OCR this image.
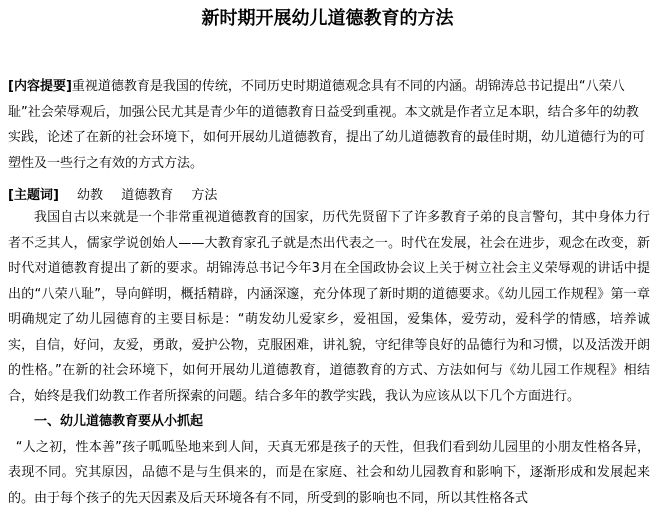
新时期开展幼儿道德教育的方法
[内容提要]重视道德教育是我国的传统，不同历史时期道德观念具有不同的内涵。胡锦涛总书记提出“八荣八耻”社会荣辱观后，加强公民尤其是青少年的道德教育日益受到重视。本文就是作者立足本职，结合多年的幼教实践，论述了在新的社会环境下，如何开展幼儿道德教育，提出了幼儿道德教育的最佳时期，幼儿道德行为的可塑性及一些行之有效的方式方法。
[主题词] 幼教 道德教育 方法

我国自古以来就是一个非常重视道德教育的国家，历代先贤留下了许多教育子弟的良言警句，其中身体力行者不乏其人，儒家学说创始人——大教育家孔子就是杰出代表之一。时代在发展，社会在进步，观念在改变，新时代对道德教育提出了新的要求。胡锦涛总书记今年3月在全国政协会议上关于树立社会主义荣辱观的讲话中提出的“八荣八耻”，导向鲜明，概括精辟，内涵深邃，充分体现了新时期的道德要求。《幼儿园工作规程》第一章明确规定了幼儿园德育的主要目标是：“萌发幼儿爱家乡，爱祖国，爱集体，爱劳动，爱科学的情感，培养诚实，自信，好问，友爱，勇敢，爱护公物，克服困难，讲礼貌，守纪律等良好的品德行为和习惯，以及活泼开朗的性格。”在新的社会环境下，如何开展幼儿道德教育，道德教育的方式、方法如何与《幼儿园工作规程》相结合，始终是我们幼教工作者所探索的问题。结合多年的教学实践，我认为应该从以下几个方面进行。

一、幼儿道德教育要从小抓起

“人之初，性本善”孩子呱呱坠地来到人间，天真无邪是孩子的天性，但我们看到幼儿园里的小朋友性格各异，表现不同。究其原因，品德不是与生俱来的，而是在家庭、社会和幼儿园教育和影响下，逐渐形成和发展起来的。由于每个孩子的先天因素及后天环境各有不同，所受到的影响也不同，所以其性格各式
